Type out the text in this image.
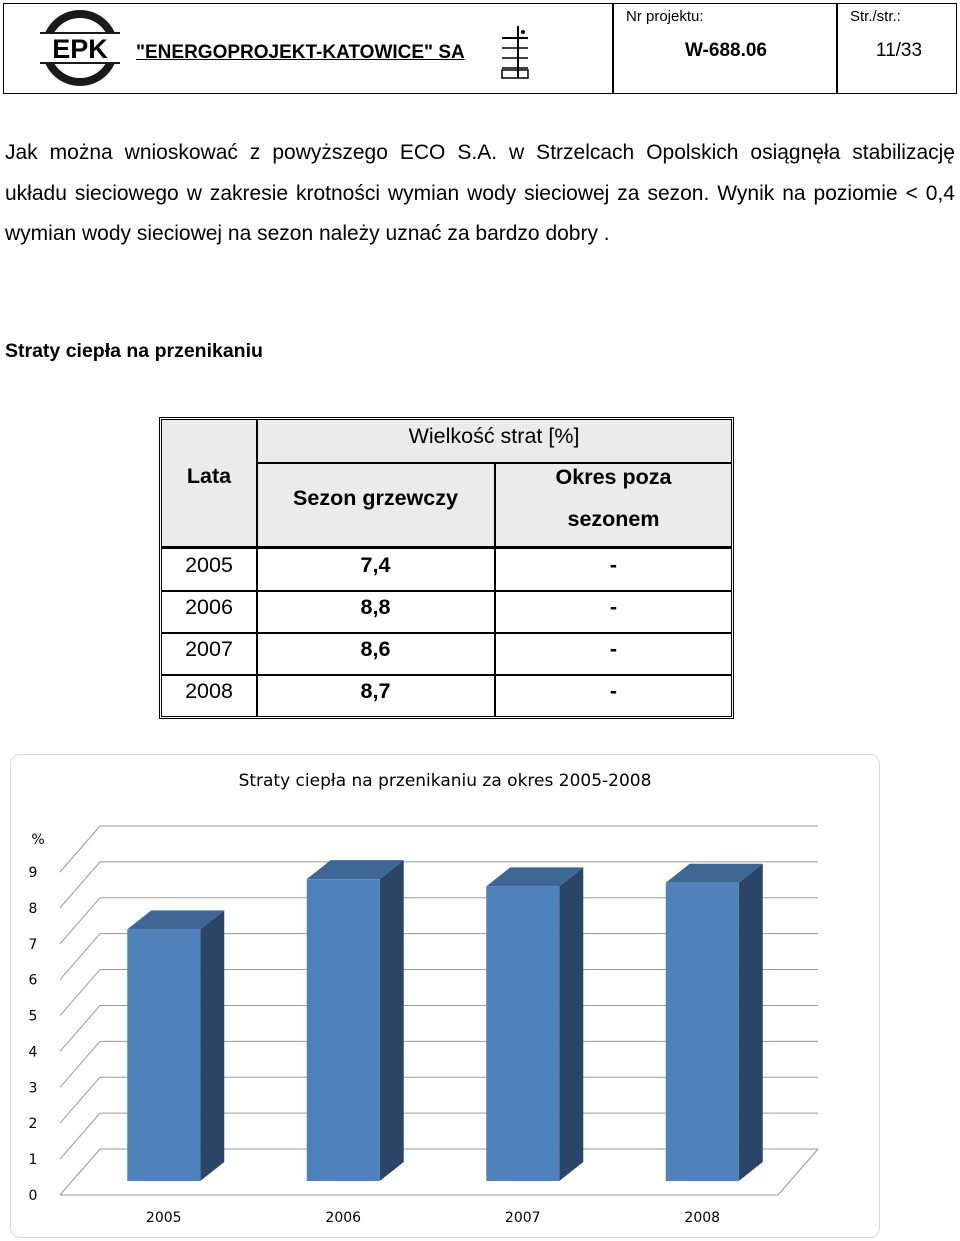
EPK "ENERGOPROJEKT-KATOWICE" SA
Nr projektu:
W-688.06
Str./str.:
11/33
Jak można wnioskować z powyższego ECO S.A. w Strzelcach Opolskich osiągnęła stabilizację układu sieciowego w zakresie krotności wymian wody sieciowej za sezon. Wynik na poziomie < 0,4 wymian wody sieciowej na sezon należy uznać za bardzo dobry .
Straty ciepła na przenikaniu
Lata
Wielkość strat [%]
Sezon grzewczy
Okres poza
sezonem
2005	7,4	-
2006	8,8	-
2007	8,6	-
2008	8,7	-
Straty ciepła na przenikaniu za okres 2005-2008
%
0
1
2
3
4
5
6
7
8
9
2005	2006	2007	2008
